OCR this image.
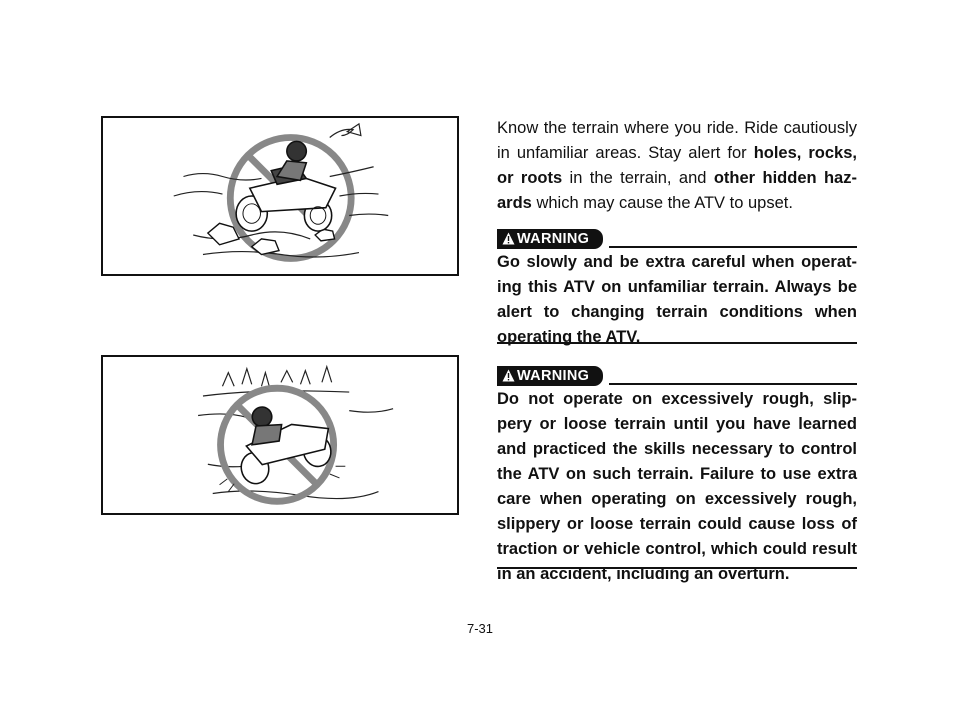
Know the terrain where you ride. Ride cautiously in unfamiliar areas. Stay alert for holes, rocks, or roots in the terrain, and other hidden haz-ards which may cause the ATV to upset.

WARNING

Go slowly and be extra careful when operat-ing this ATV on unfamiliar terrain. Always be alert to changing terrain conditions when operating the ATV.

WARNING

Do not operate on excessively rough, slip-pery or loose terrain until you have learned and practiced the skills necessary to control the ATV on such terrain. Failure to use extra care when operating on excessively rough, slippery or loose terrain could cause loss of traction or vehicle control, which could result in an accident, including an overturn.

7-31
